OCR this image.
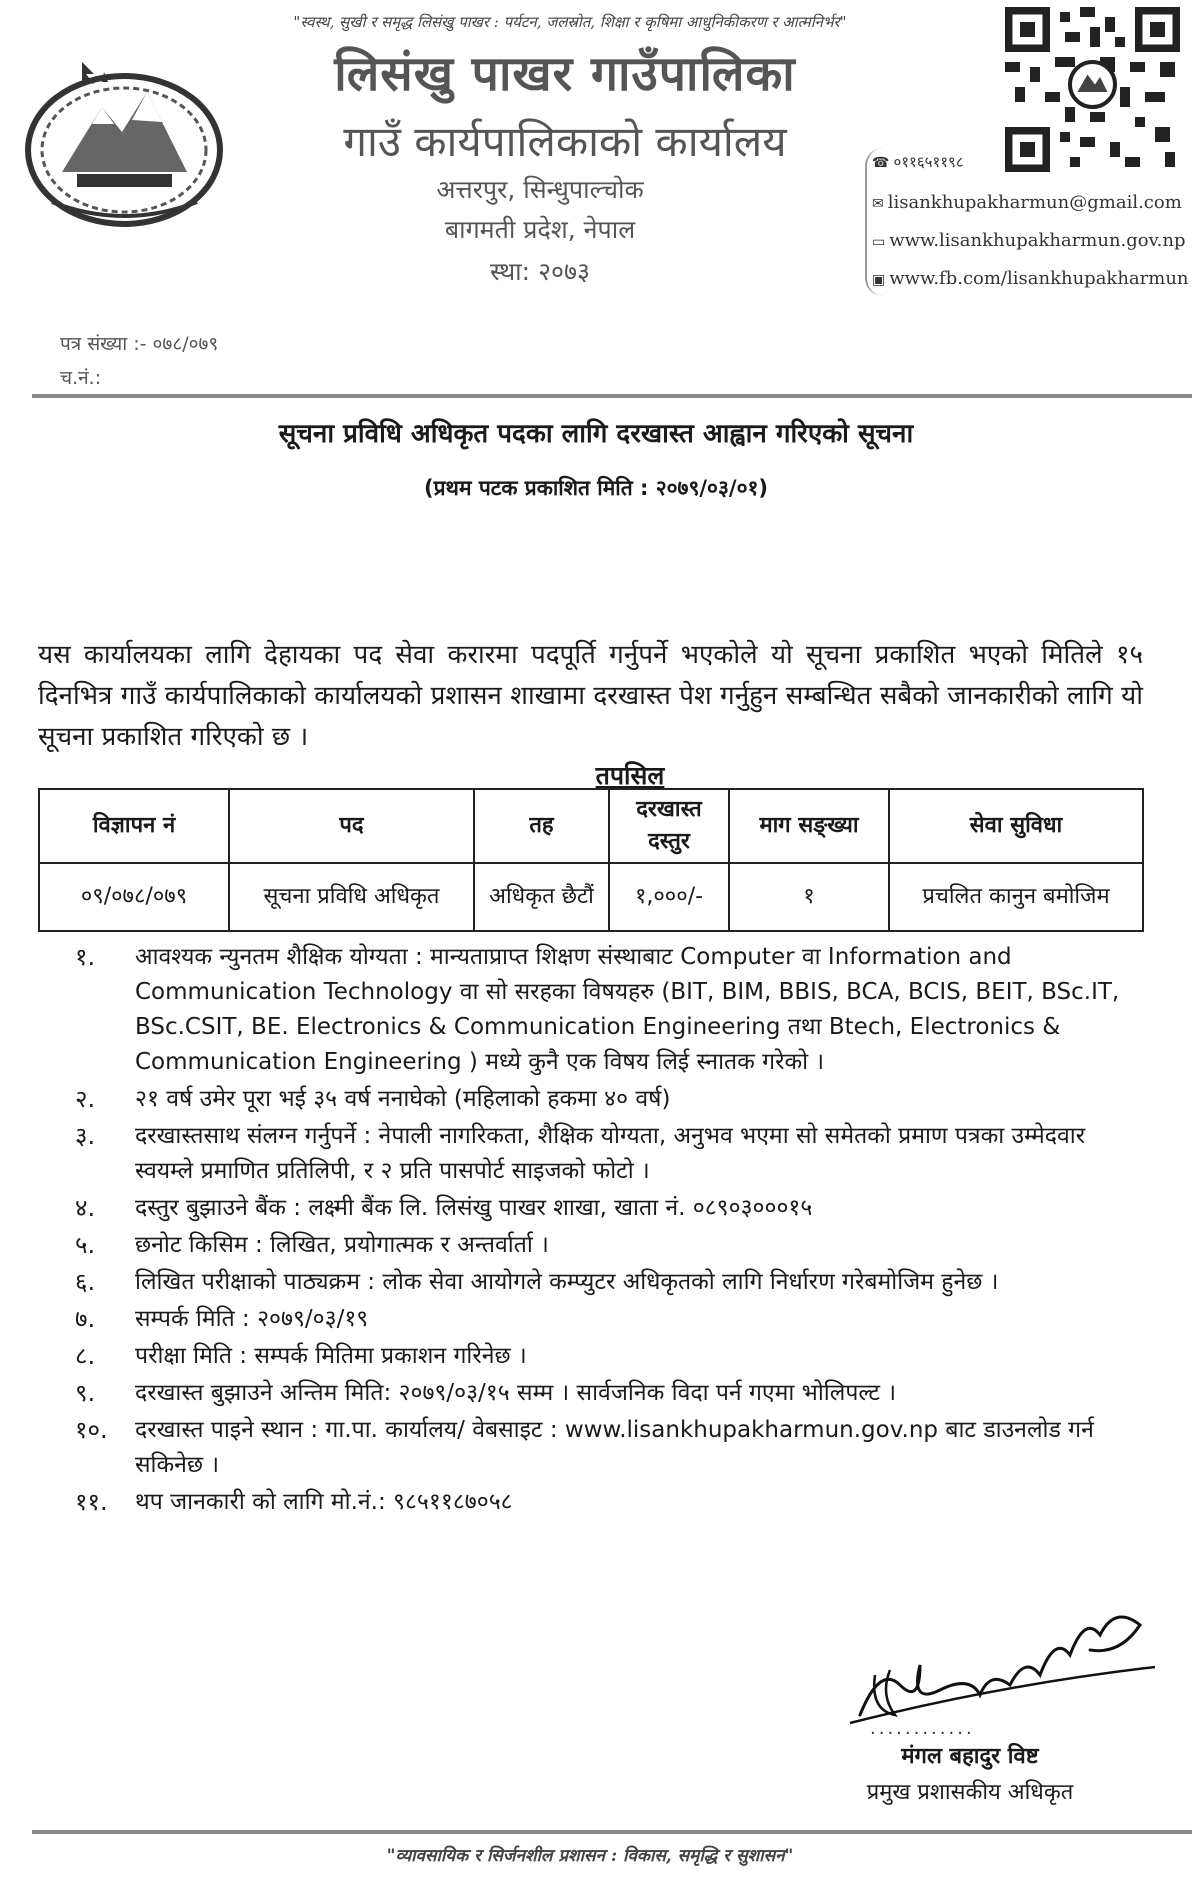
"स्वस्थ, सुखी र समृद्ध लिसंखु पाखर : पर्यटन, जलस्रोत, शिक्षा र कृषिमा आधुनिकीकरण र आत्मनिर्भर"
लिसंखु पाखर गाउँपालिका
गाउँ कार्यपालिकाको कार्यालय
अत्तरपुर, सिन्धुपाल्चोक
बागमती प्रदेश, नेपाल
स्था: २०७३
☎ ०११६५११९८
✉ lisankhupakharmun@gmail.com
▭ www.lisankhupakharmun.gov.np
▣ www.fb.com/lisankhupakharmun
पत्र संख्या :- ०७८/०७९
च.नं.:
सूचना प्रविधि अधिकृत पदका लागि दरखास्त आह्वान गरिएको सूचना
(प्रथम पटक प्रकाशित मिति : २०७९/०३/०१)
यस कार्यालयका लागि देहायका पद सेवा करारमा पदपूर्ति गर्नुपर्ने भएकोले यो सूचना प्रकाशित भएको मितिले १५ दिनभित्र गाउँ कार्यपालिकाको कार्यालयको प्रशासन शाखामा दरखास्त पेश गर्नुहुन सम्बन्धित सबैको जानकारीको लागि यो सूचना प्रकाशित गरिएको छ ।
तपसिल
विज्ञापन नं	पद	तह	दरखास्त दस्तुर	माग सङ्ख्या	सेवा सुविधा
०९/०७८/०७९	सूचना प्रविधि अधिकृत	अधिकृत छैटौं	१,०००/-	१	प्रचलित कानुन बमोजिम
१.	आवश्यक न्युनतम शैक्षिक योग्यता : मान्यताप्राप्त शिक्षण संस्थाबाट Computer वा Information and Communication Technology वा सो सरहका विषयहरु (BIT, BIM, BBIS, BCA, BCIS, BEIT, BSc.IT, BSc.CSIT, BE. Electronics & Communication Engineering तथा Btech, Electronics & Communication Engineering ) मध्ये कुनै एक विषय लिई स्नातक गरेको ।
२.	२१ वर्ष उमेर पूरा भई ३५ वर्ष ननाघेको (महिलाको हकमा ४० वर्ष)
३.	दरखास्तसाथ संलग्न गर्नुपर्ने : नेपाली नागरिकता, शैक्षिक योग्यता, अनुभव भएमा सो समेतको प्रमाण पत्रका उम्मेदवार स्वयम्ले प्रमाणित प्रतिलिपी, र २ प्रति पासपोर्ट साइजको फोटो ।
४.	दस्तुर बुझाउने बैंक : लक्ष्मी बैंक लि. लिसंखु पाखर शाखा, खाता नं. ०८९०३०००१५
५.	छनोट किसिम : लिखित, प्रयोगात्मक र अन्तर्वार्ता ।
६.	लिखित परीक्षाको पाठ्यक्रम : लोक सेवा आयोगले कम्प्युटर अधिकृतको लागि निर्धारण गरेबमोजिम हुनेछ ।
७.	सम्पर्क मिति : २०७९/०३/१९
८.	परीक्षा मिति : सम्पर्क मितिमा प्रकाशन गरिनेछ ।
९.	दरखास्त बुझाउने अन्तिम मिति: २०७९/०३/१५ सम्म । सार्वजनिक विदा पर्न गएमा भोलिपल्ट ।
१०.	दरखास्त पाइने स्थान : गा.पा. कार्यालय/ वेबसाइट : www.lisankhupakharmun.gov.np बाट डाउनलोड गर्न सकिनेछ ।
११.	थप जानकारी को लागि मो.नं.: ९८५११८७०५८
............
मंगल बहादुर विष्ट
प्रमुख प्रशासकीय अधिकृत
"व्यावसायिक र सिर्जनशील प्रशासन : विकास, समृद्धि र सुशासन"
